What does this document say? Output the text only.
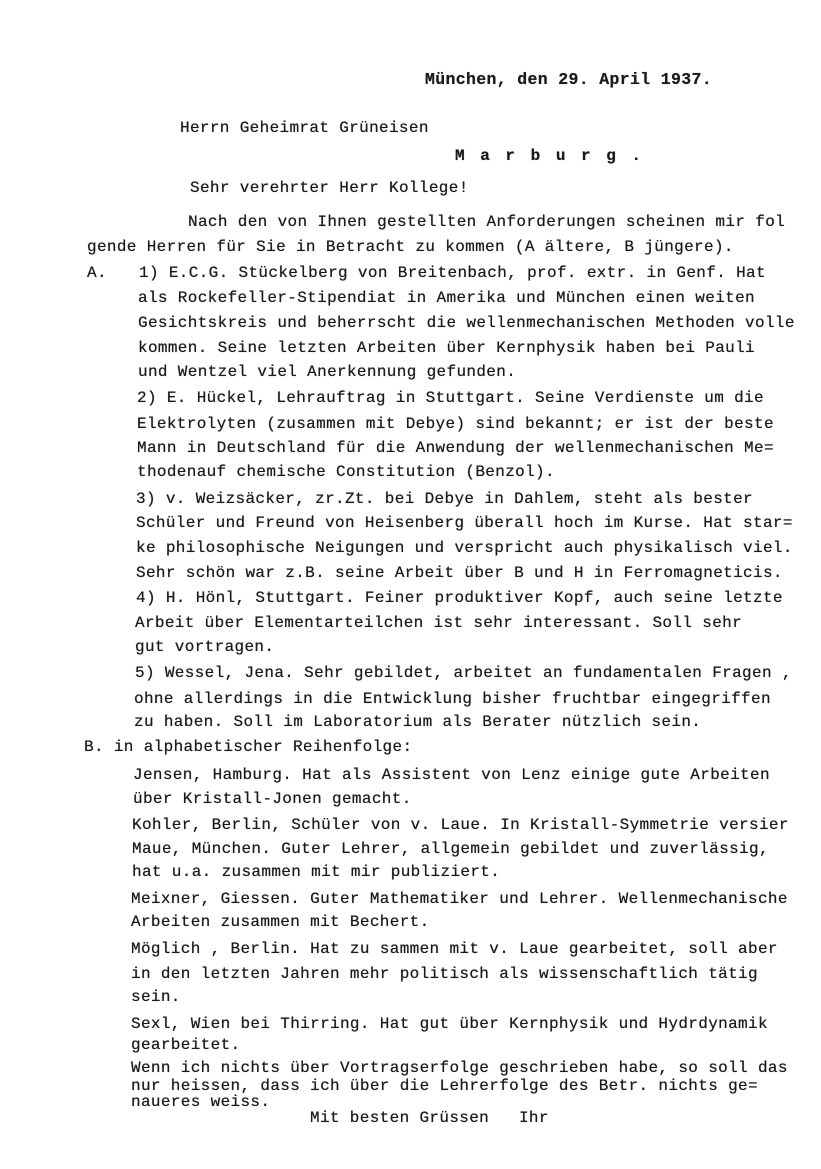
München, den 29. April 1937.
Herrn Geheimrat Grüneisen
M a r b u r g .
Sehr verehrter Herr Kollege!
Nach den von Ihnen gestellten Anforderungen scheinen mir fol
gende Herren für Sie in Betracht zu kommen (A ältere, B jüngere).
A. 1) E.C.G. Stückelberg von Breitenbach, prof. extr. in Genf. Hat
als Rockefeller-Stipendiat in Amerika und München einen weiten
Gesichtskreis und beherrscht die wellenmechanischen Methoden volle
kommen. Seine letzten Arbeiten über Kernphysik haben bei Pauli
und Wentzel viel Anerkennung gefunden.
2) E. Hückel, Lehrauftrag in Stuttgart. Seine Verdienste um die
Elektrolyten (zusammen mit Debye) sind bekannt; er ist der beste
Mann in Deutschland für die Anwendung der wellenmechanischen Me=
thodenauf chemische Constitution (Benzol).
3) v. Weizsäcker, zr.Zt. bei Debye in Dahlem, steht als bester
Schüler und Freund von Heisenberg überall hoch im Kurse. Hat star=
ke philosophische Neigungen und verspricht auch physikalisch viel.
Sehr schön war z.B. seine Arbeit über B und H in Ferromagneticis.
4) H. Hönl, Stuttgart. Feiner produktiver Kopf, auch seine letzte
Arbeit über Elementarteilchen ist sehr interessant. Soll sehr
gut vortragen.
5) Wessel, Jena. Sehr gebildet, arbeitet an fundamentalen Fragen ,
ohne allerdings in die Entwicklung bisher fruchtbar eingegriffen
zu haben. Soll im Laboratorium als Berater nützlich sein.
B. in alphabetischer Reihenfolge:
Jensen, Hamburg. Hat als Assistent von Lenz einige gute Arbeiten
über Kristall-Jonen gemacht.
Kohler, Berlin, Schüler von v. Laue. In Kristall-Symmetrie versier
Maue, München. Guter Lehrer, allgemein gebildet und zuverlässig,
hat u.a. zusammen mit mir publiziert.
Meixner, Giessen. Guter Mathematiker und Lehrer. Wellenmechanische
Arbeiten zusammen mit Bechert.
Möglich , Berlin. Hat zu sammen mit v. Laue gearbeitet, soll aber
in den letzten Jahren mehr politisch als wissenschaftlich tätig
sein.
Sexl, Wien bei Thirring. Hat gut über Kernphysik und Hydrdynamik
gearbeitet.
Wenn ich nichts über Vortragserfolge geschrieben habe, so soll das
nur heissen, dass ich über die Lehrerfolge des Betr. nichts ge=
naueres weiss.
Mit besten Grüssen   Ihr
